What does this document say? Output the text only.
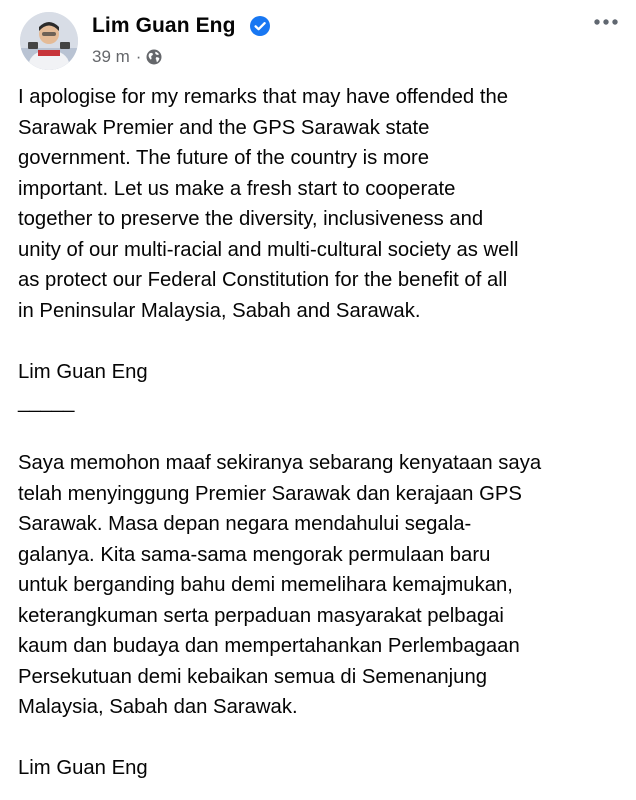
Lim Guan Eng
39 m ·

I apologise for my remarks that may have offended the
Sarawak Premier and the GPS Sarawak state
government. The future of the country is more
important. Let us make a fresh start to cooperate
together to preserve the diversity, inclusiveness and
unity of our multi-racial and multi-cultural society as well
as protect our Federal Constitution for the benefit of all
in Peninsular Malaysia, Sabah and Sarawak.

Lim Guan Eng
_____

Saya memohon maaf sekiranya sebarang kenyataan saya
telah menyinggung Premier Sarawak dan kerajaan GPS
Sarawak. Masa depan negara mendahului segala-
galanya. Kita sama-sama mengorak permulaan baru
untuk berganding bahu demi memelihara kemajmukan,
keterangkuman serta perpaduan masyarakat pelbagai
kaum dan budaya dan mempertahankan Perlembagaan
Persekutuan demi kebaikan semua di Semenanjung
Malaysia, Sabah dan Sarawak.

Lim Guan Eng
